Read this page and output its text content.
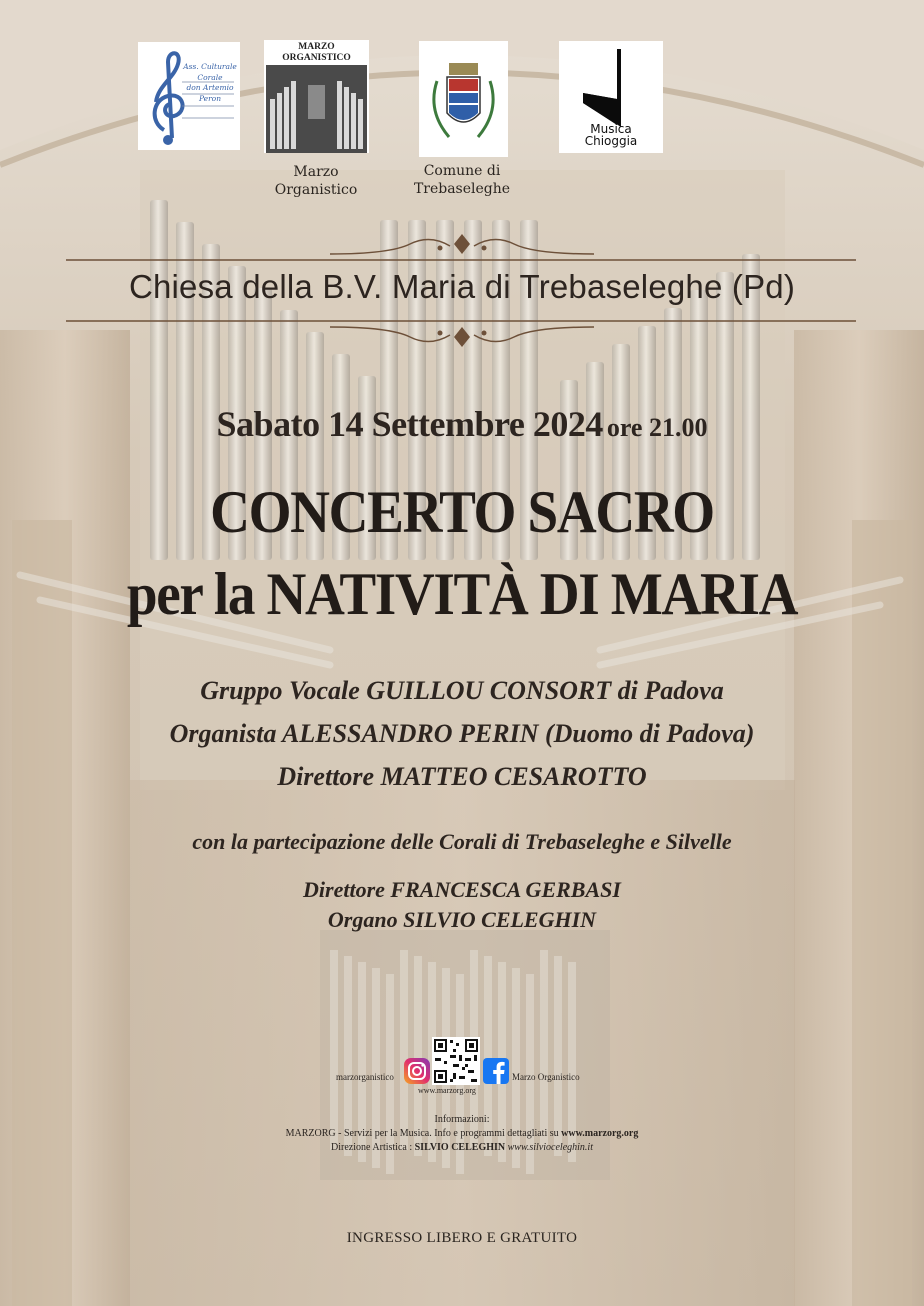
Ass. Culturale
Corale
don Artemio
Peron
MARZO ORGANISTICO
Marzo
Organistico
Comune di
Trebaseleghe
Musica
Chioggia
Chiesa della B.V. Maria di Trebaseleghe (Pd)
Sabato 14 Settembre 2024 ore 21.00
CONCERTO SACRO
per la NATIVITÀ DI MARIA
Gruppo Vocale GUILLOU CONSORT di Padova
Organista ALESSANDRO PERIN (Duomo di Padova)
Direttore MATTEO CESAROTTO
con la partecipazione delle Corali di Trebaseleghe e Silvelle
Direttore FRANCESCA GERBASI
Organo SILVIO CELEGHIN
marzorganistico
www.marzorg.org
Marzo Organistico
Informazioni:
MARZORG - Servizi per la Musica. Info e programmi dettagliati su www.marzorg.org
Direzione Artistica : SILVIO CELEGHIN www.silvioceleghin.it
INGRESSO LIBERO E GRATUITO
